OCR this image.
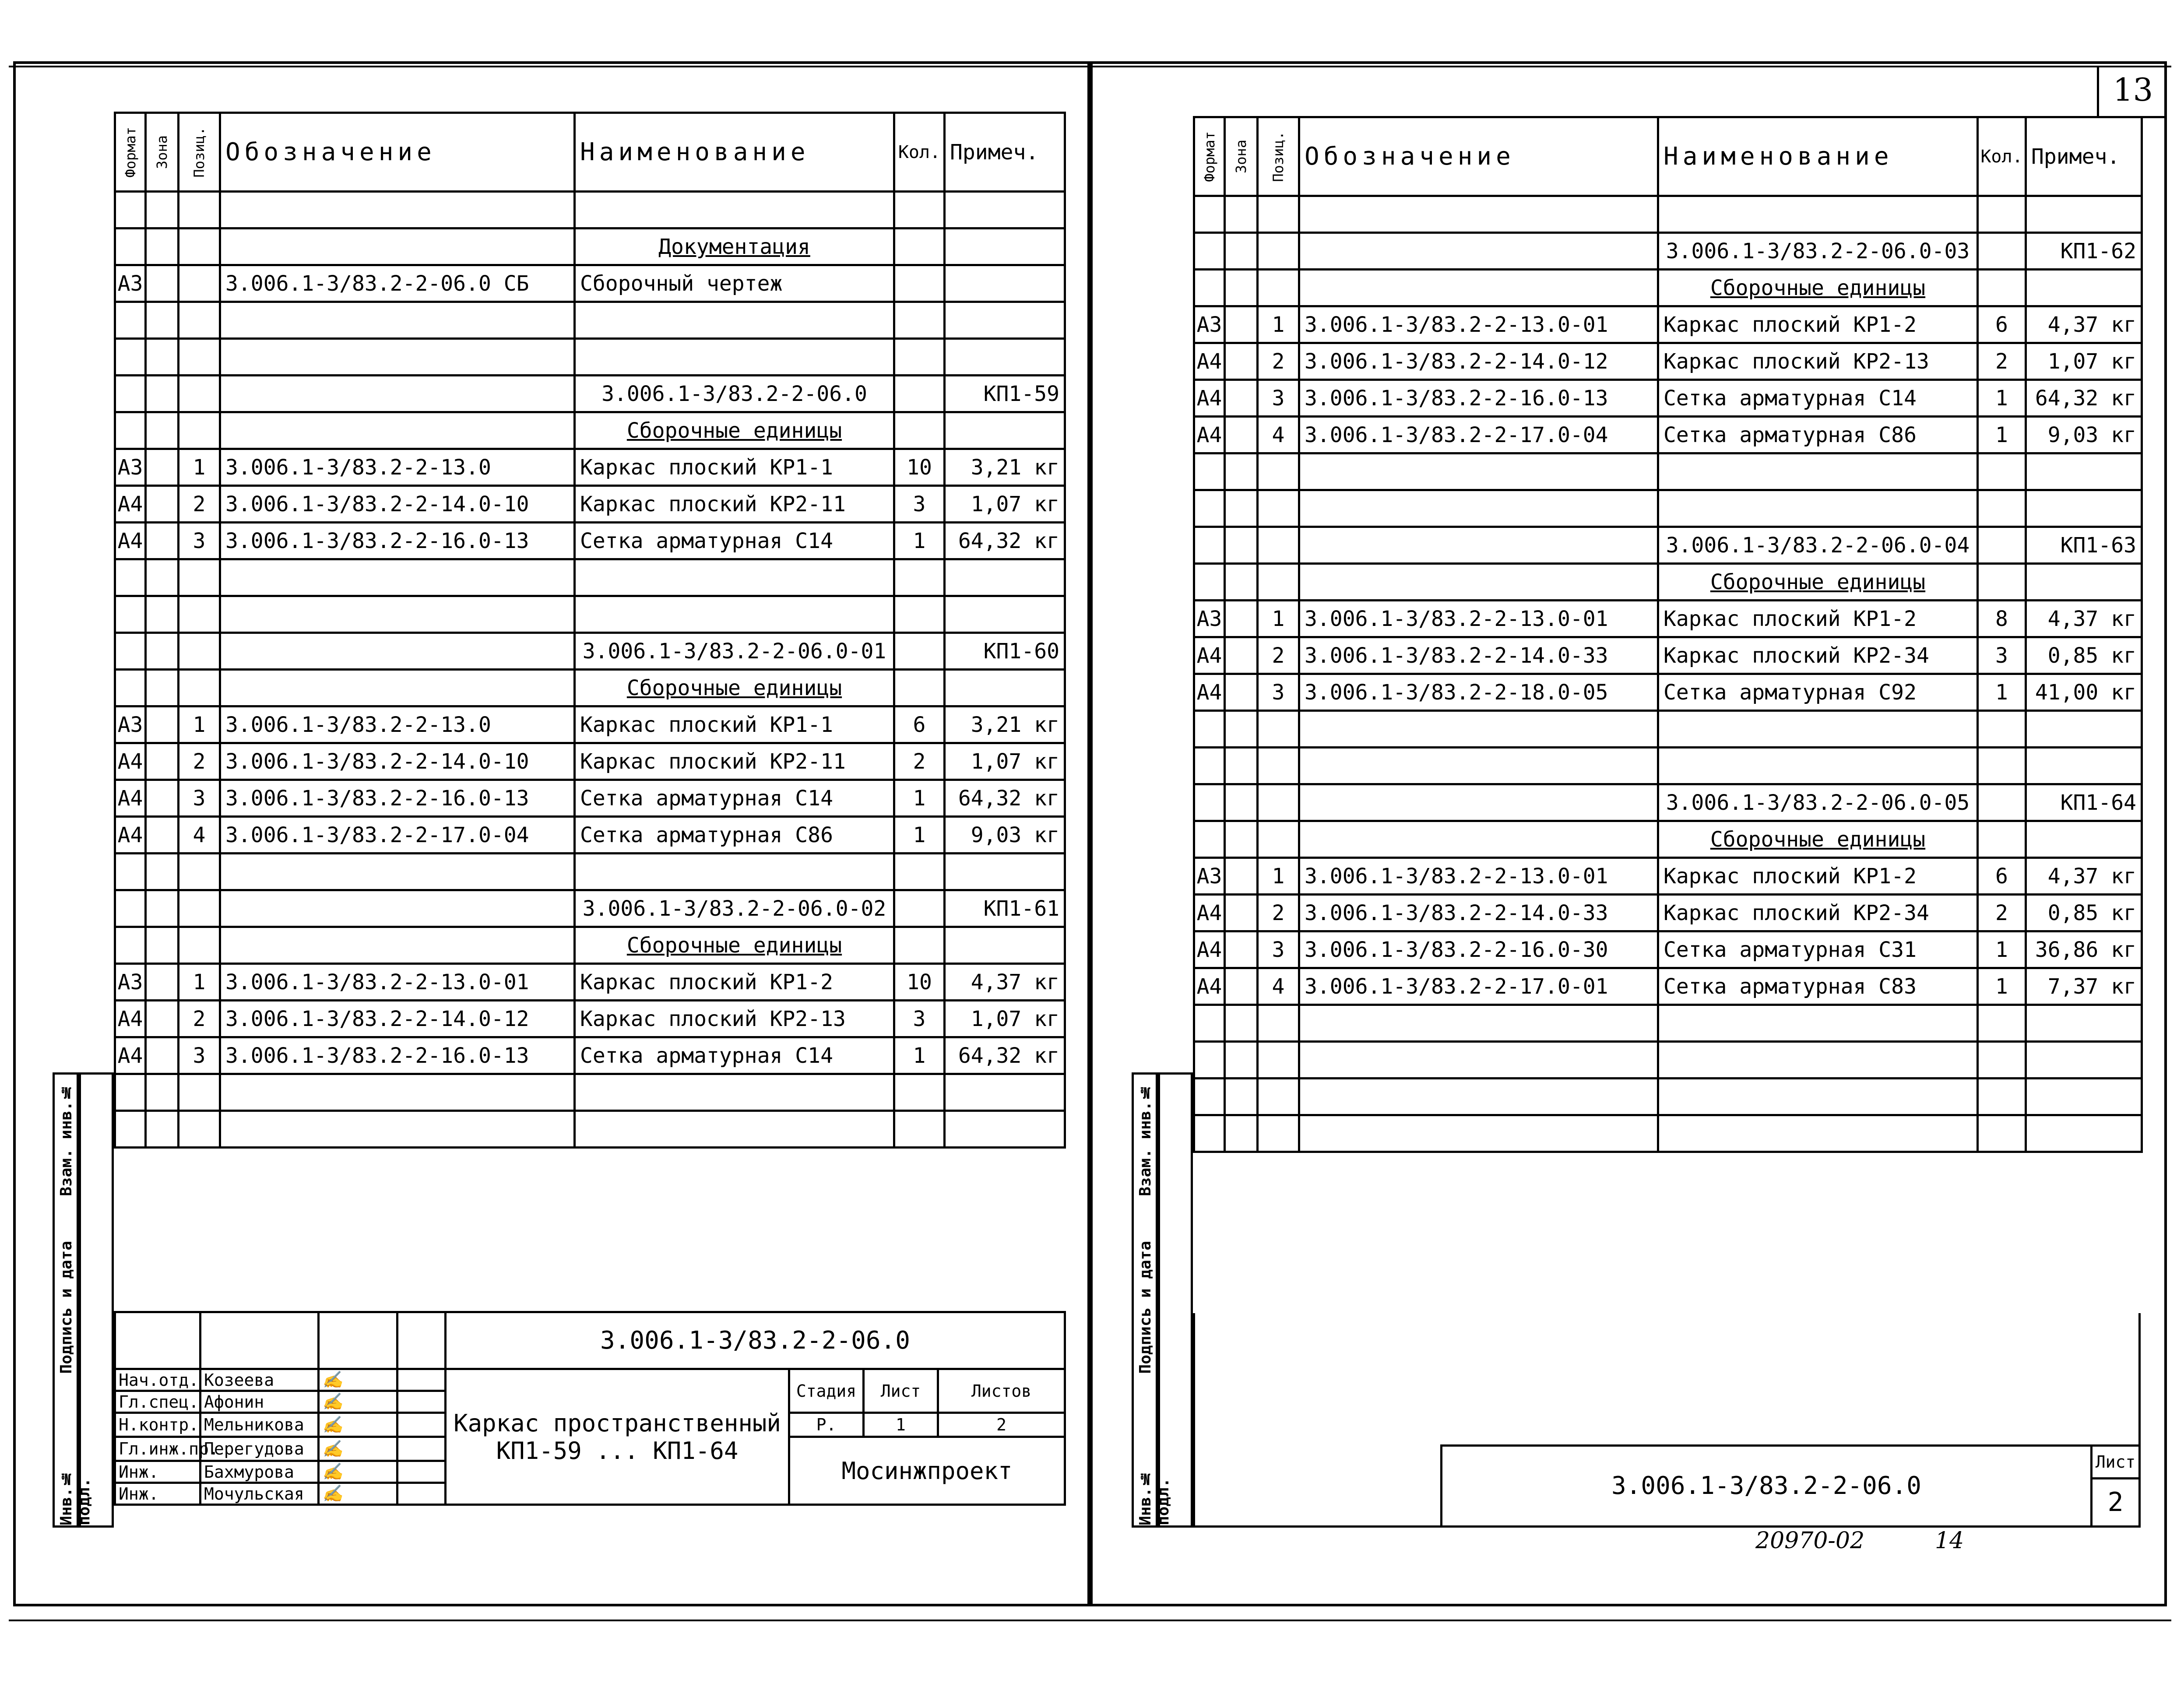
Формат	Зона	Позиц.	Обозначение	Наименование	Кол.	Примеч.

				Документация		
А3			3.006.1-3/83.2-2-06.0 СБ	Сборочный чертеж		

				3.006.1-3/83.2-2-06.0		КП1-59
				Сборочные единицы		
А3		1	3.006.1-3/83.2-2-13.0	Каркас плоский КР1-1	10	3,21 кг
А4		2	3.006.1-3/83.2-2-14.0-10	Каркас плоский КР2-11	3	1,07 кг
А4		3	3.006.1-3/83.2-2-16.0-13	Сетка арматурная С14	1	64,32 кг

				3.006.1-3/83.2-2-06.0-01		КП1-60
				Сборочные единицы		
А3		1	3.006.1-3/83.2-2-13.0	Каркас плоский КР1-1	6	3,21 кг
А4		2	3.006.1-3/83.2-2-14.0-10	Каркас плоский КР2-11	2	1,07 кг
А4		3	3.006.1-3/83.2-2-16.0-13	Сетка арматурная С14	1	64,32 кг
А4		4	3.006.1-3/83.2-2-17.0-04	Сетка арматурная С86	1	9,03 кг

				3.006.1-3/83.2-2-06.0-02		КП1-61
				Сборочные единицы		
А3		1	3.006.1-3/83.2-2-13.0-01	Каркас плоский КР1-2	10	4,37 кг
А4		2	3.006.1-3/83.2-2-14.0-12	Каркас плоский КР2-13	3	1,07 кг
А4		3	3.006.1-3/83.2-2-16.0-13	Сетка арматурная С14	1	64,32 кг

Инв.№ подл.
Подпись и дата
Взам. инв.№
				3.006.1-3/83.2-2-06.0			
Нач.отд.	Козеева	✍		Каркас пространственный
КП1-59 ... КП1-64	Стадия	Лист	Листов
Гл.спец.	Афонин	✍					
Н.контр.	Мельникова	✍			Р.	1	2
Гл.инж.пр.	Перегудова	✍			Мосинжпроект		
Инж.	Бахмурова	✍					
Инж.	Мочульская	✍					
13
Формат	Зона	Позиц.	Обозначение	Наименование	Кол.	Примеч.

				3.006.1-3/83.2-2-06.0-03		КП1-62
				Сборочные единицы		
А3		1	3.006.1-3/83.2-2-13.0-01	Каркас плоский КР1-2	6	4,37 кг
А4		2	3.006.1-3/83.2-2-14.0-12	Каркас плоский КР2-13	2	1,07 кг
А4		3	3.006.1-3/83.2-2-16.0-13	Сетка арматурная С14	1	64,32 кг
А4		4	3.006.1-3/83.2-2-17.0-04	Сетка арматурная С86	1	9,03 кг

				3.006.1-3/83.2-2-06.0-04		КП1-63
				Сборочные единицы		
А3		1	3.006.1-3/83.2-2-13.0-01	Каркас плоский КР1-2	8	4,37 кг
А4		2	3.006.1-3/83.2-2-14.0-33	Каркас плоский КР2-34	3	0,85 кг
А4		3	3.006.1-3/83.2-2-18.0-05	Сетка арматурная С92	1	41,00 кг

				3.006.1-3/83.2-2-06.0-05		КП1-64
				Сборочные единицы		
А3		1	3.006.1-3/83.2-2-13.0-01	Каркас плоский КР1-2	6	4,37 кг
А4		2	3.006.1-3/83.2-2-14.0-33	Каркас плоский КР2-34	2	0,85 кг
А4		3	3.006.1-3/83.2-2-16.0-30	Сетка арматурная С31	1	36,86 кг
А4		4	3.006.1-3/83.2-2-17.0-01	Сетка арматурная С83	1	7,37 кг

Инв.№ подл.
Подпись и дата
Взам. инв.№
3.006.1-3/83.2-2-06.0
Лист
2
20970-02	14
